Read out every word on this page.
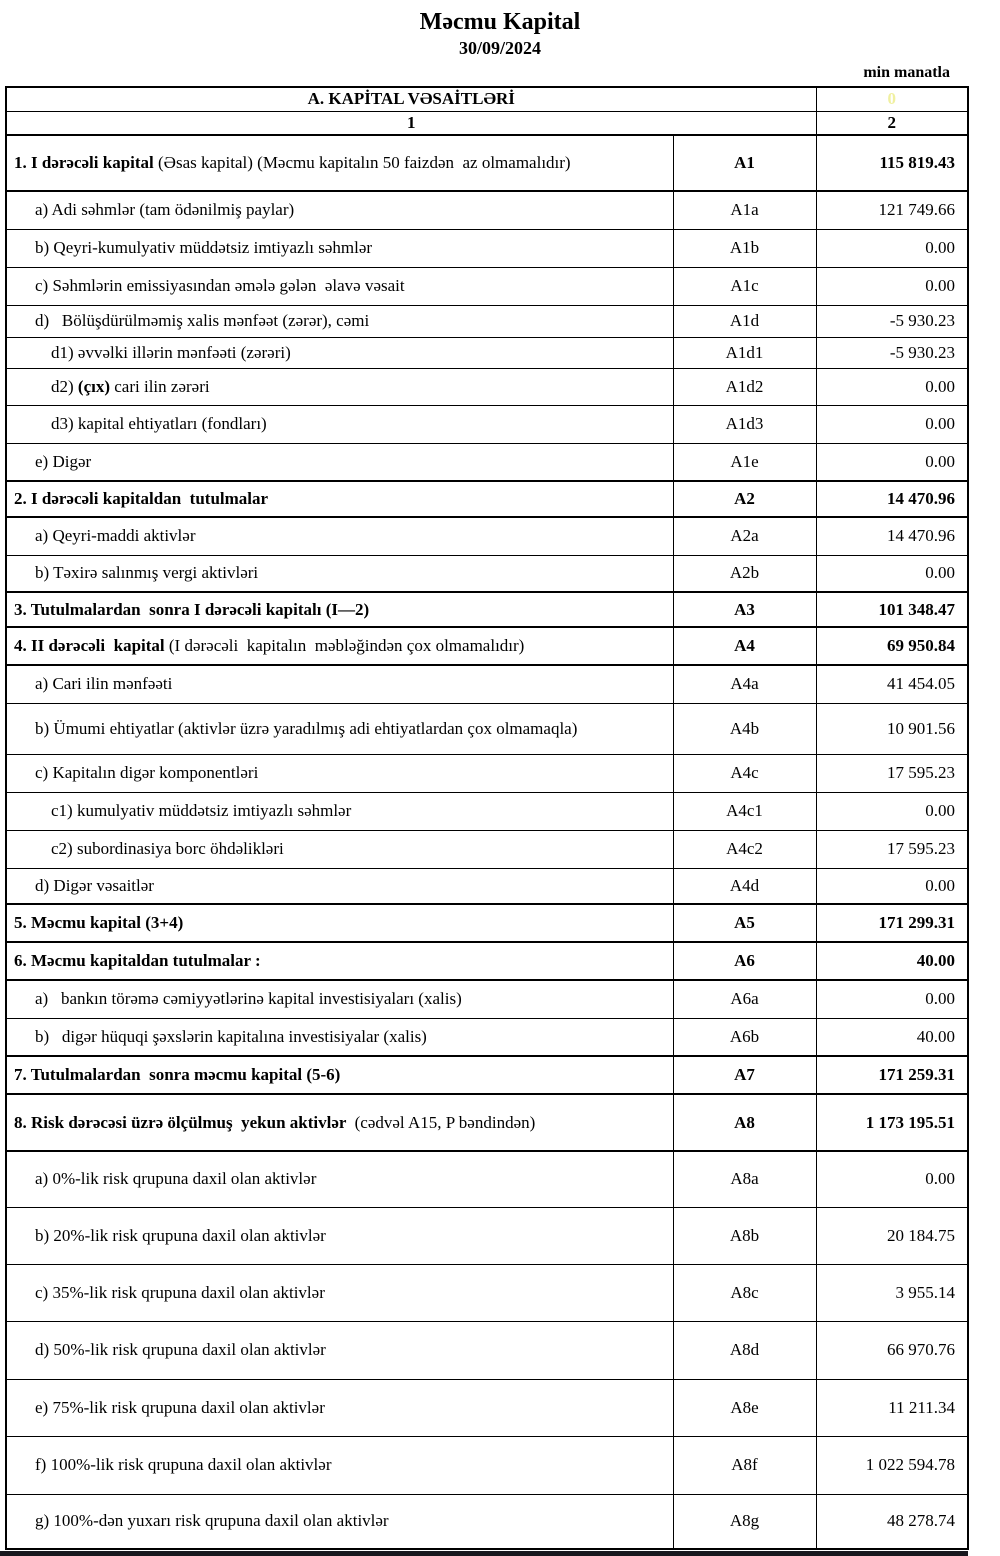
Məcmu Kapital
30/09/2024
min manatla
A. KAPİTAL VƏSAİTLƏRİ		0
1		2
1. I dərəcəli kapital (Əsas kapital) (Məcmu kapitalın 50 faizdən  az olmamalıdır)	A1	115 819.43
a) Adi səhmlər (tam ödənilmiş paylar)	A1a	121 749.66
b) Qeyri-kumulyativ müddətsiz imtiyazlı səhmlər	A1b	0.00
c) Səhmlərin emissiyasından əmələ gələn  əlavə vəsait	A1c	0.00
d)   Bölüşdürülməmiş xalis mənfəət (zərər), cəmi	A1d	-5 930.23
d1) əvvəlki illərin mənfəəti (zərəri)	A1d1	-5 930.23
d2) (çıx) cari ilin zərəri	A1d2	0.00
d3) kapital ehtiyatları (fondları)	A1d3	0.00
e) Digər	A1e	0.00
2. I dərəcəli kapitaldan  tutulmalar	A2	14 470.96
a) Qeyri-maddi aktivlər	A2a	14 470.96
b) Təxirə salınmış vergi aktivləri	A2b	0.00
3. Tutulmalardan  sonra I dərəcəli kapitalı (I—2)	A3	101 348.47
4. II dərəcəli  kapital (I dərəcəli  kapitalın  məbləğindən çox olmamalıdır)	A4	69 950.84
a) Cari ilin mənfəəti	A4a	41 454.05
b) Ümumi ehtiyatlar (aktivlər üzrə yaradılmış adi ehtiyatlardan çox olmamaqla)	A4b	10 901.56
c) Kapitalın digər komponentləri	A4c	17 595.23
c1) kumulyativ müddətsiz imtiyazlı səhmlər	A4c1	0.00
c2) subordinasiya borc öhdəlikləri	A4c2	17 595.23
d) Digər vəsaitlər	A4d	0.00
5. Məcmu kapital (3+4)	A5	171 299.31
6. Məcmu kapitaldan tutulmalar :	A6	40.00
a)   bankın törəmə cəmiyyətlərinə kapital investisiyaları (xalis)	A6a	0.00
b)   digər hüquqi şəxslərin kapitalına investisiyalar (xalis)	A6b	40.00
7. Tutulmalardan  sonra məcmu kapital (5-6)	A7	171 259.31
8. Risk dərəcəsi üzrə ölçülmuş  yekun aktivlər  (cədvəl A15, P bəndindən)	A8	1 173 195.51
a) 0%-lik risk qrupuna daxil olan aktivlər	A8a	0.00
b) 20%-lik risk qrupuna daxil olan aktivlər	A8b	20 184.75
c) 35%-lik risk qrupuna daxil olan aktivlər	A8c	3 955.14
d) 50%-lik risk qrupuna daxil olan aktivlər	A8d	66 970.76
e) 75%-lik risk qrupuna daxil olan aktivlər	A8e	11 211.34
f) 100%-lik risk qrupuna daxil olan aktivlər	A8f	1 022 594.78
g) 100%-dən yuxarı risk qrupuna daxil olan aktivlər	A8g	48 278.74
